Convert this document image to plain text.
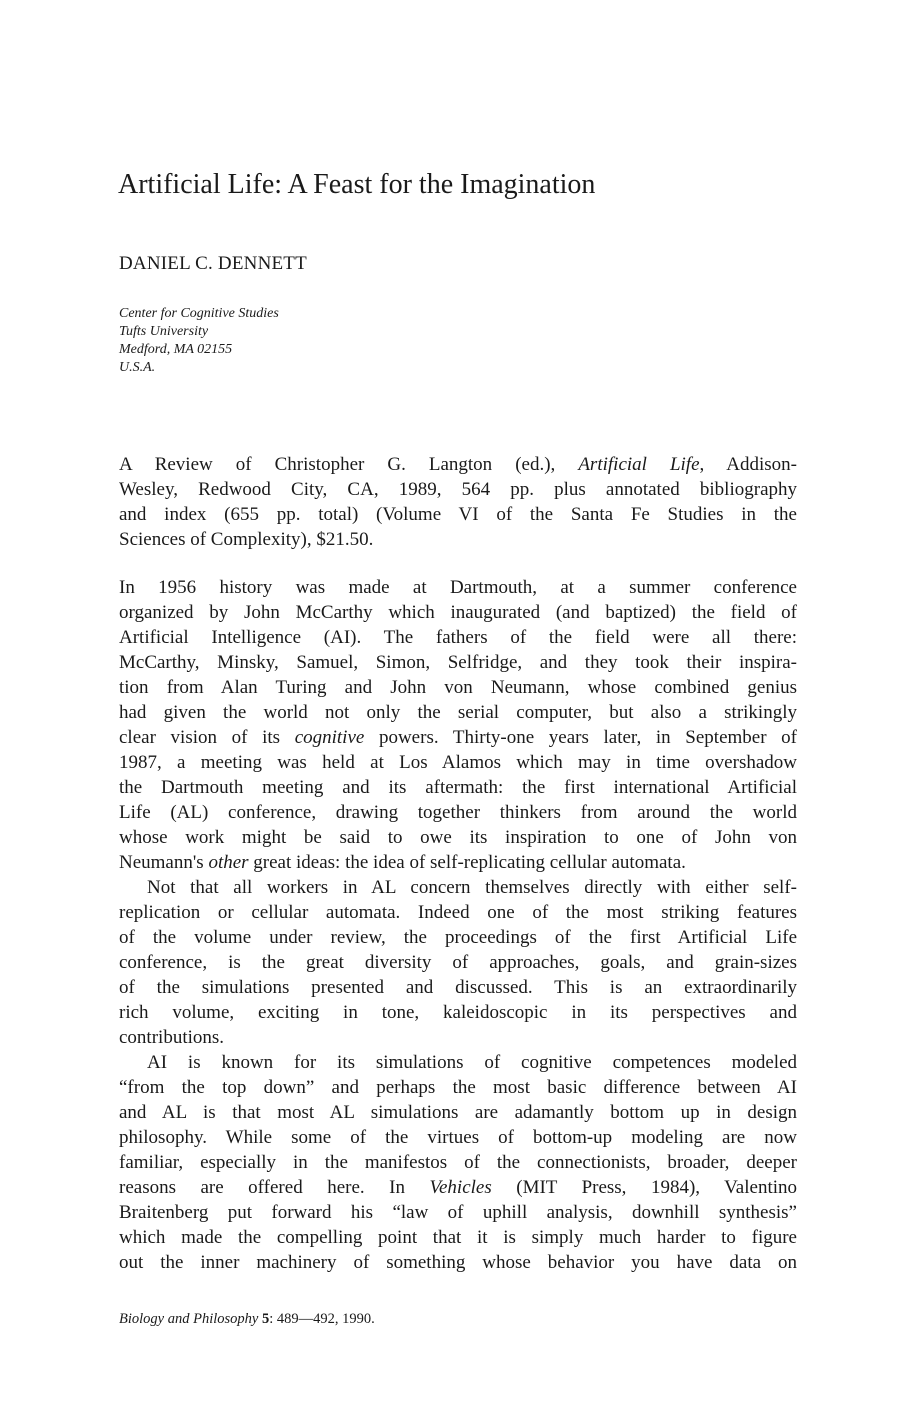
Artificial Life: A Feast for the Imagination
DANIEL C. DENNETT
Center for Cognitive Studies
Tufts University
Medford, MA 02155
U.S.A.
A Review of Christopher G. Langton (ed.), Artificial Life, Addison-
Wesley, Redwood City, CA, 1989, 564 pp. plus annotated bibliography
and index (655 pp. total) (Volume VI of the Santa Fe Studies in the
Sciences of Complexity), $21.50.
In 1956 history was made at Dartmouth, at a summer conference
organized by John McCarthy which inaugurated (and baptized) the field of
Artificial Intelligence (AI). The fathers of the field were all there:
McCarthy, Minsky, Samuel, Simon, Selfridge, and they took their inspira-
tion from Alan Turing and John von Neumann, whose combined genius
had given the world not only the serial computer, but also a strikingly
clear vision of its cognitive powers. Thirty-one years later, in September of
1987, a meeting was held at Los Alamos which may in time overshadow
the Dartmouth meeting and its aftermath: the first international Artificial
Life (AL) conference, drawing together thinkers from around the world
whose work might be said to owe its inspiration to one of John von
Neumann's other great ideas: the idea of self-replicating cellular automata.
Not that all workers in AL concern themselves directly with either self-
replication or cellular automata. Indeed one of the most striking features
of the volume under review, the proceedings of the first Artificial Life
conference, is the great diversity of approaches, goals, and grain-sizes
of the simulations presented and discussed. This is an extraordinarily
rich volume, exciting in tone, kaleidoscopic in its perspectives and
contributions.
AI is known for its simulations of cognitive competences modeled
“from the top down” and perhaps the most basic difference between AI
and AL is that most AL simulations are adamantly bottom up in design
philosophy. While some of the virtues of bottom-up modeling are now
familiar, especially in the manifestos of the connectionists, broader, deeper
reasons are offered here. In Vehicles (MIT Press, 1984), Valentino
Braitenberg put forward his “law of uphill analysis, downhill synthesis”
which made the compelling point that it is simply much harder to figure
out the inner machinery of something whose behavior you have data on
Biology and Philosophy 5: 489—492, 1990.
